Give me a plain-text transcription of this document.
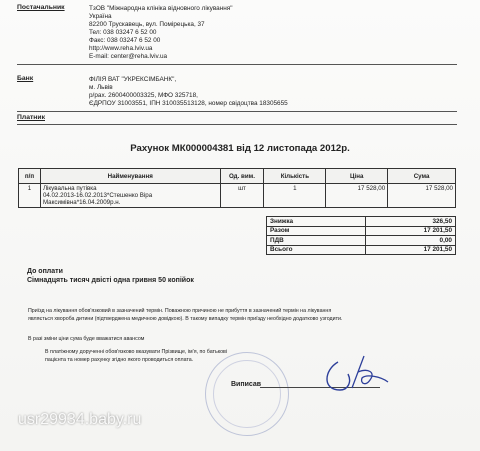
Постачальник	ТзОВ "Міжнародна клініка відновного лікування"
Україна
82200 Трускавець, вул. Помірецька, 37
Тел: 038 03247 6 52 00
Факс: 038 03247 6 52 00
http://www.reha.lviv.ua
E-mail: center@reha.lviv.ua
Банк	ФІЛІЯ ВАТ "УКРЕКСІМБАНК",
м. Львів
р/рах. 2600400003325, МФО 325718,
ЄДРПОУ 31003551, ІПН 310035513128, номер свідоцтва 18305655
Платник
Рахунок МК000004381 від 12 листопада 2012р.
п/п	Найменування	Од. вим.	Кількість	Ціна	Сума
1	Лікувальна путівка
04.02.2013-16.02.2013*Стешенко Віра
Максимівна*16.04.2009р.н.	шт	1	17 528,00	17 528,00
Знижка	326,50
Разом	17 201,50
ПДВ	0,00
Всього	17 201,50
До оплати
Сімнадцять тисяч двісті одна гривня 50 копійок
Приїзд на лікування обов'язковий в зазначений термін. Поважною причиною не прибуття в зазначений термін на лікування
являється хвороба дитини (підтверджена медичною довідкою). В такому випадку термін приїзду необхідно додатково узгодити.
В разі зміни ціни сума буде вважатися авансом
В платіжному дорученні обов'язково вказувати Прізвище, ім'я, по батькові
пацієнта та номер рахунку згідно якого проводиться оплата.
Виписав
usr29934.baby.ru
